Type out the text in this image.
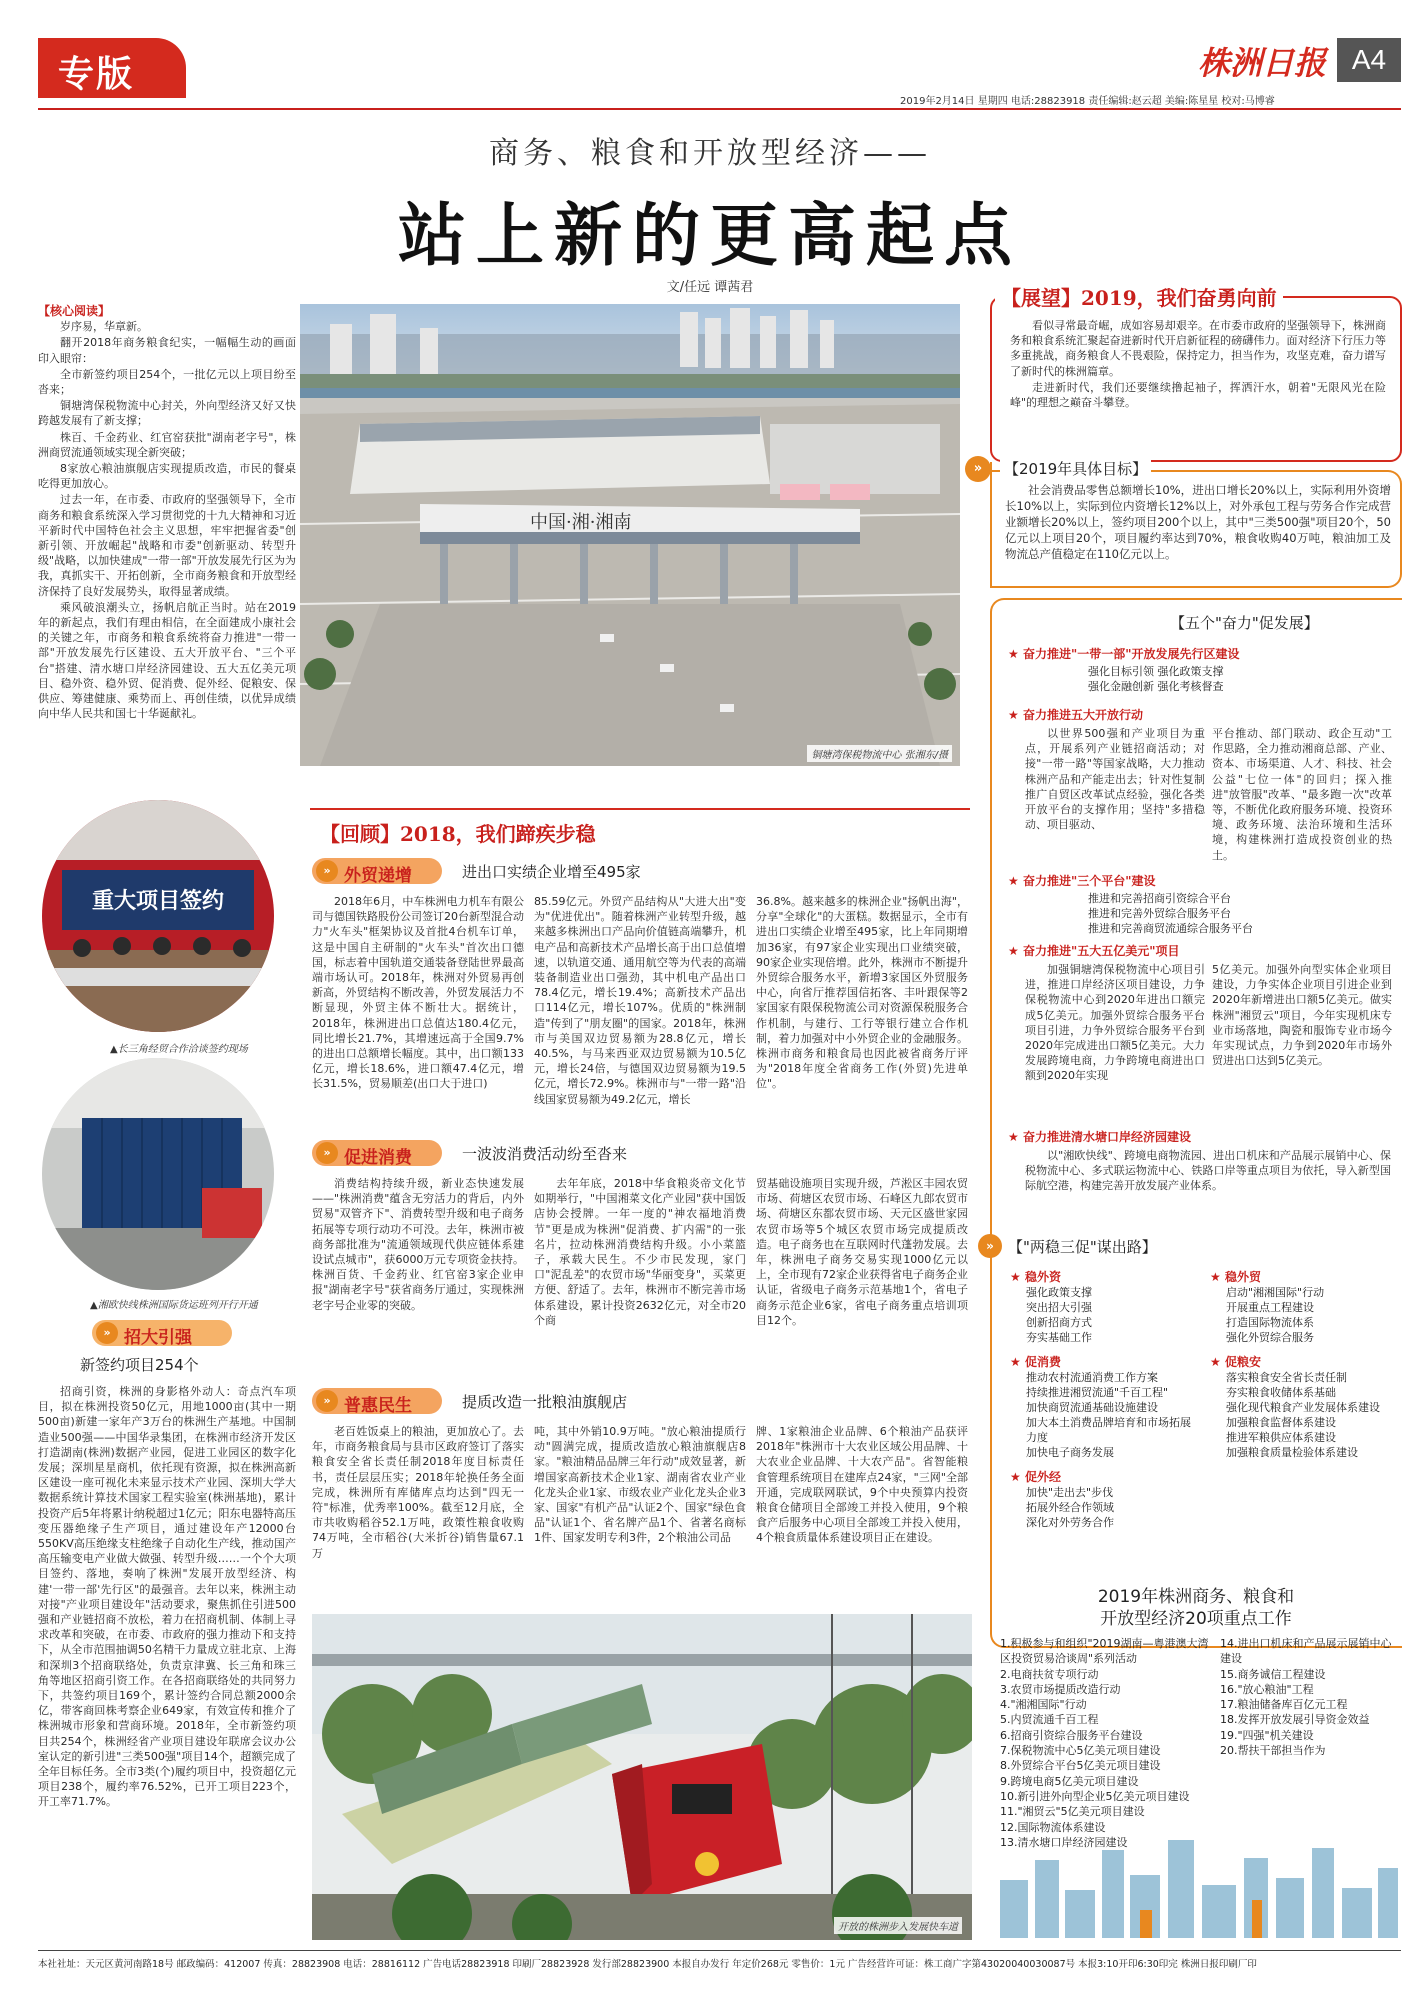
专版	株洲日报 A4
2019年2月14日 星期四 电话:28823918 责任编辑:赵云超 美编:陈星星 校对:马博睿
商务、粮食和开放型经济——
站上新的更高起点
文/任远 谭茜君
【核心阅读】

岁序易，华章新。

翻开2018年商务粮食纪实，一幅幅生动的画面印入眼帘：

全市新签约项目254个，一批亿元以上项目纷至沓来；

铜塘湾保税物流中心封关，外向型经济又好又快跨越发展有了新支撑；

株百、千金药业、红官窑获批"湖南老字号"，株洲商贸流通领域实现全新突破；

8家放心粮油旗舰店实现提质改造，市民的餐桌吃得更加放心。

过去一年，在市委、市政府的坚强领导下，全市商务和粮食系统深入学习贯彻党的十九大精神和习近平新时代中国特色社会主义思想，牢牢把握省委"创新引领、开放崛起"战略和市委"创新驱动、转型升级"战略，以加快建成"一带一部"开放发展先行区为为我，真抓实干、开拓创新，全市商务粮食和开放型经济保持了良好发展势头，取得显著成绩。

乘风破浪潮头立，扬帆启航正当时。站在2019年的新起点，我们有理由相信，在全面建成小康社会的关键之年，市商务和粮食系统将奋力推进"一带一部"开放发展先行区建设、五大开放平台、"三个平台"搭建、清水塘口岸经济园建设、五大五亿美元项目、稳外资、稳外贸、促消费、促外经、促粮安、保供应、筹建健康、乘势而上、再创佳绩，以优异成绩向中华人民共和国七十华诞献礼。

中国·湘·湘南
铜塘湾保税物流中心 张湘东/摄
【展望】2019，我们奋勇向前

看似寻常最奇崛，成如容易却艰辛。在市委市政府的坚强领导下，株洲商务和粮食系统汇聚起奋进新时代开启新征程的磅礴伟力。面对经济下行压力等多重挑战，商务粮食人不畏艰险，保持定力，担当作为，攻坚克难，奋力谱写了新时代的株洲篇章。

走进新时代，我们还要继续撸起袖子，挥洒汗水，朝着"无限风光在险峰"的理想之巅奋斗攀登。

»	【2019年具体目标】

社会消费品零售总额增长10%，进出口增长20%以上，实际利用外资增长10%以上，实际到位内资增长12%以上，对外承包工程与劳务合作完成营业额增长20%以上，签约项目200个以上，其中"三类500强"项目20个，50亿元以上项目20个，项目履约率达到70%，粮食收购40万吨，粮油加工及物流总产值稳定在110亿元以上。

【五个"奋力"促发展】
★ 奋力推进"一带一部"开放发展先行区建设
强化目标引领 强化政策支撑
强化金融创新 强化考核督查
★ 奋力推进五大开放行动

以世界500强和产业项目为重点，开展系列产业链招商活动；对接"一带一路"等国家战略，大力推动株洲产品和产能走出去；针对性复制推广自贸区改革试点经验，强化各类开放平台的支撑作用；坚持"多措稳动、项目驱动、

平台推动、部门联动、政企互动"工作思路，全力推动湘商总部、产业、资本、市场渠道、人才、科技、社会公益"七位一体"的回归；探入推进"放管服"改革、"最多跑一次"改革等，不断优化政府服务环境、投资环境、政务环境、法治环境和生活环境，构建株洲打造成投资创业的热土。

★ 奋力推进"三个平台"建设
推进和完善招商引资综合平台
推进和完善外贸综合服务平台
推进和完善商贸流通综合服务平台
★ 奋力推进"五大五亿美元"项目

加强铜塘湾保税物流中心项目引进，推进口岸经济区项目建设，力争保税物流中心到2020年进出口额完成5亿美元。加强外贸综合服务平台项目引进，力争外贸综合服务平台到2020年完成进出口额5亿美元。大力发展跨境电商，力争跨境电商进出口额到2020年实现

5亿美元。加强外向型实体企业项目建设，力争实体企业项目引进企业到2020年新增进出口额5亿美元。做实株洲"湘贸云"项目，今年实现机床专业市场落地，陶瓷和服饰专业市场今年实现试点，力争到2020年市场外贸进出口达到5亿美元。

★ 奋力推进清水塘口岸经济园建设

以"湘欧快线"、跨境电商物流园、进出口机床和产品展示展销中心、保税物流中心、多式联运物流中心、铁路口岸等重点项目为依托，导入新型国际航空港，构建完善开放发展产业体系。

» 【"两稳三促"谋出路】
★ 稳外资
强化政策支撑
突出招大引强
创新招商方式
夯实基础工作
★ 促消费
推动农村流通消费工作方案
持续推进湘贸流通"千百工程"
加快商贸流通基础设施建设
加大本土消费品牌培育和市场拓展力度
加快电子商务发展
★ 促外经
加快"走出去"步伐
拓展外经合作领域
深化对外劳务合作
★ 稳外贸
启动"湘湘国际"行动
开展重点工程建设
打造国际物流体系
强化外贸综合服务
★ 促粮安
落实粮食安全省长责任制
夯实粮食收储体系基础
强化现代粮食产业发展体系建设
加强粮食监督体系建设
推进军粮供应体系建设
加强粮食质量检验体系建设
2019年株洲商务、粮食和
开放型经济20项重点工作
1.积极参与和组织"2019湖南—粤港澳大湾区投资贸易洽谈周"系列活动
2.电商扶贫专项行动
3.农贸市场提质改造行动
4."湘湘国际"行动
5.内贸流通千百工程
6.招商引资综合服务平台建设
7.保税物流中心5亿美元项目建设
8.外贸综合平台5亿美元项目建设
9.跨境电商5亿美元项目建设
10.新引进外向型企业5亿美元项目建设
11."湘贸云"5亿美元项目建设
12.国际物流体系建设
13.清水塘口岸经济园建设
14.进出口机床和产品展示展销中心建设
15.商务诚信工程建设
16."放心粮油"工程
17.粮油储备库百亿元工程
18.发挥开放发展引导资金效益
19."四强"机关建设
20.帮扶干部担当作为
重大项目签约
▲长三角经贸合作洽谈签约现场
▲湘欧快线株洲国际货运班列开行开通
» 招大引强
新签约项目254个

招商引资，株洲的身影格外动人：奇点汽车项目，拟在株洲投资50亿元，用地1000亩(其中一期500亩)新建一家年产3万台的株洲生产基地。中国制造业500强——中国华录集团，在株洲市经济开发区打造湖南(株洲)数据产业园，促进工业园区的数字化发展；深圳星星商机，依托现有资源，拟在株洲高新区建设一座可视化未来显示技术产业园、深圳大学大数据系统计算技术国家工程实验室(株洲基地)，累计投资产后5年将累计纳税超过1亿元；阳东电器特高压变压器绝缘子生产项目，通过建设年产12000台550KV高压绝缘支柱绝缘子自动化生产线，推动国产高压输变电产业做大做强、转型升级……一个个大项目签约、落地，奏响了株洲"发展开放型经济、构建'一带一部'先行区"的最强音。去年以来，株洲主动对接"产业项目建设年"活动要求，聚焦抓住引进500强和产业链招商不放松，着力在招商机制、体制上寻求改革和突破，在市委、市政府的强力推动下和支持下，从全市范围抽调50名精干力量成立驻北京、上海和深圳3个招商联络处，负责京津冀、长三角和珠三角等地区招商引资工作。在各招商联络处的共同努力下，共签约项目169个，累计签约合同总额2000余亿，带客商回株考察企业649家，有效宣传和推介了株洲城市形象和营商环境。2018年，全市新签约项目共254个，株洲经省产业项目建设年联席会议办公室认定的新引进"三类500强"项目14个，超额完成了全年目标任务。全市3类(个)履约项目中，投资超亿元项目238个，履约率76.52%，已开工项目223个，开工率71.7%。

【回顾】2018，我们蹄疾步稳
» 外贸递增	进出口实绩企业增至495家

2018年6月，中车株洲电力机车有限公司与德国铁路股份公司签订20台新型混合动力"火车头"框架协议及首批4台机车订单，这是中国自主研制的"火车头"首次出口德国，标志着中国轨道交通装备登陆世界最高端市场认可。2018年，株洲对外贸易再创新高，外贸结构不断改善，外贸发展活力不断显现，外贸主体不断壮大。据统计，2018年，株洲进出口总值达180.4亿元，同比增长21.7%，其增速远高于全国9.7%的进出口总额增长幅度。其中，出口额133亿元，增长18.6%，进口额47.4亿元，增长31.5%，贸易顺差(出口大于进口)

85.59亿元。外贸产品结构从"大进大出"变为"优进优出"。随着株洲产业转型升级，越来越多株洲出口产品向价值链高端攀升，机电产品和高新技术产品增长高于出口总值增速，以轨道交通、通用航空等为代表的高端装备制造业出口强劲，其中机电产品出口78.4亿元，增长19.4%；高新技术产品出口114亿元，增长107%。优质的"株洲制造"传到了"朋友圈"的国家。2018年，株洲市与美国双边贸易额为28.8亿元，增长40.5%，与马来西亚双边贸易额为10.5亿元，增长24倍，与德国双边贸易额为19.5亿元，增长72.9%。株洲市与"一带一路"沿线国家贸易额为49.2亿元，增长

36.8%。越来越多的株洲企业"扬帆出海"，分享"全球化"的大蛋糕。数据显示，全市有进出口实绩企业增至495家，比上年同期增加36家，有97家企业实现出口业绩突破，90家企业实现倍增。此外，株洲市不断提升外贸综合服务水平，新增3家国区外贸服务中心，向省厅推荐国信拓客、丰叶跟保等2家国家有限保税物流公司对资源保税服务合作机制，与建行、工行等银行建立合作机制，着力加强对中小外贸企业的金融服务。株洲市商务和粮食局也因此被省商务厅评为"2018年度全省商务工作(外贸)先进单位"。

» 促进消费	一波波消费活动纷至沓来

消费结构持续升级，新业态快速发展——"株洲消费"蕴含无穷活力的背后，内外贸易"双管齐下"、消费转型升级和电子商务拓展等专项行动功不可没。去年，株洲市被商务部批准为"流通领域现代供应链体系建设试点城市"，获6000万元专项资金扶持。株洲百货、千金药业、红官窑3家企业申报"湖南老字号"获省商务厅通过，实现株洲老字号企业零的突破。

去年年底，2018中华食粮炎帝文化节如期举行，"中国湘菜文化产业园"获中国饭店协会授牌。一年一度的"神农福地消费节"更是成为株洲"促消费、扩内需"的一张名片，拉动株洲消费结构升级。小小菜篮子，承载大民生。不少市民发现，家门口"泥乱差"的农贸市场"华丽变身"，买菜更方便、舒适了。去年，株洲市不断完善市场体系建设，累计投资2632亿元，对全市20个商

贸基础设施项目实现升级，芦淞区丰园农贸市场、荷塘区农贸市场、石峰区九郎农贸市场、荷塘区东都农贸市场、天元区盛世家园农贸市场等5个城区农贸市场完成提质改造。电子商务也在互联网时代蓬勃发展。去年，株洲电子商务交易实现1000亿元以上，全市现有72家企业获得省电子商务企业认证，省级电子商务示范基地1个，省电子商务示范企业6家，省电子商务重点培训项目12个。

» 普惠民生	提质改造一批粮油旗舰店

老百姓饭桌上的粮油，更加放心了。去年，市商务粮食局与县市区政府签订了落实粮食安全省长责任制2018年度目标责任书，责任层层压实；2018年轮换任务全面完成，株洲所有库储库点均达到"四无一符"标准，优秀率100%。截至12月底，全市共收购稻谷52.1万吨，政策性粮食收购74万吨，全市稻谷(大米折谷)销售量67.1万

吨，其中外销10.9万吨。"放心粮油提质行动"圆满完成，提质改造放心粮油旗舰店8家。"粮油精品品牌三年行动"成效显著，新增国家高新技术企业1家、湖南省农业产业化龙头企业1家、市级农业产业化龙头企业3家、国家"有机产品"认证2个、国家"绿色食品"认证1个、省名牌产品1个、省著名商标1件、国家发明专利3件，2个粮油公司品

牌、1家粮油企业品牌、6个粮油产品获评2018年"株洲市十大农业区域公用品牌、十大农业企业品牌、十大农产品"。省智能粮食管理系统项目在建库点24家，"三网"全部开通，完成联网联试，9个中央预算内投资粮食仓储项目全部竣工并投入使用，9个粮食产后服务中心项目全部竣工并投入使用，4个粮食质量体系建设项目正在建设。

开放的株洲步入发展快车道
本社社址：天元区黄河南路18号 邮政编码：412007 传真：28823908 电话：28816112 广告电话28823918 印刷厂28823928 发行部28823900 本报自办发行 年定价268元 零售价：1元 广告经营许可证：株工商广字第43020040030087号 本报3:10开印6:30印完 株洲日报印刷厂印
